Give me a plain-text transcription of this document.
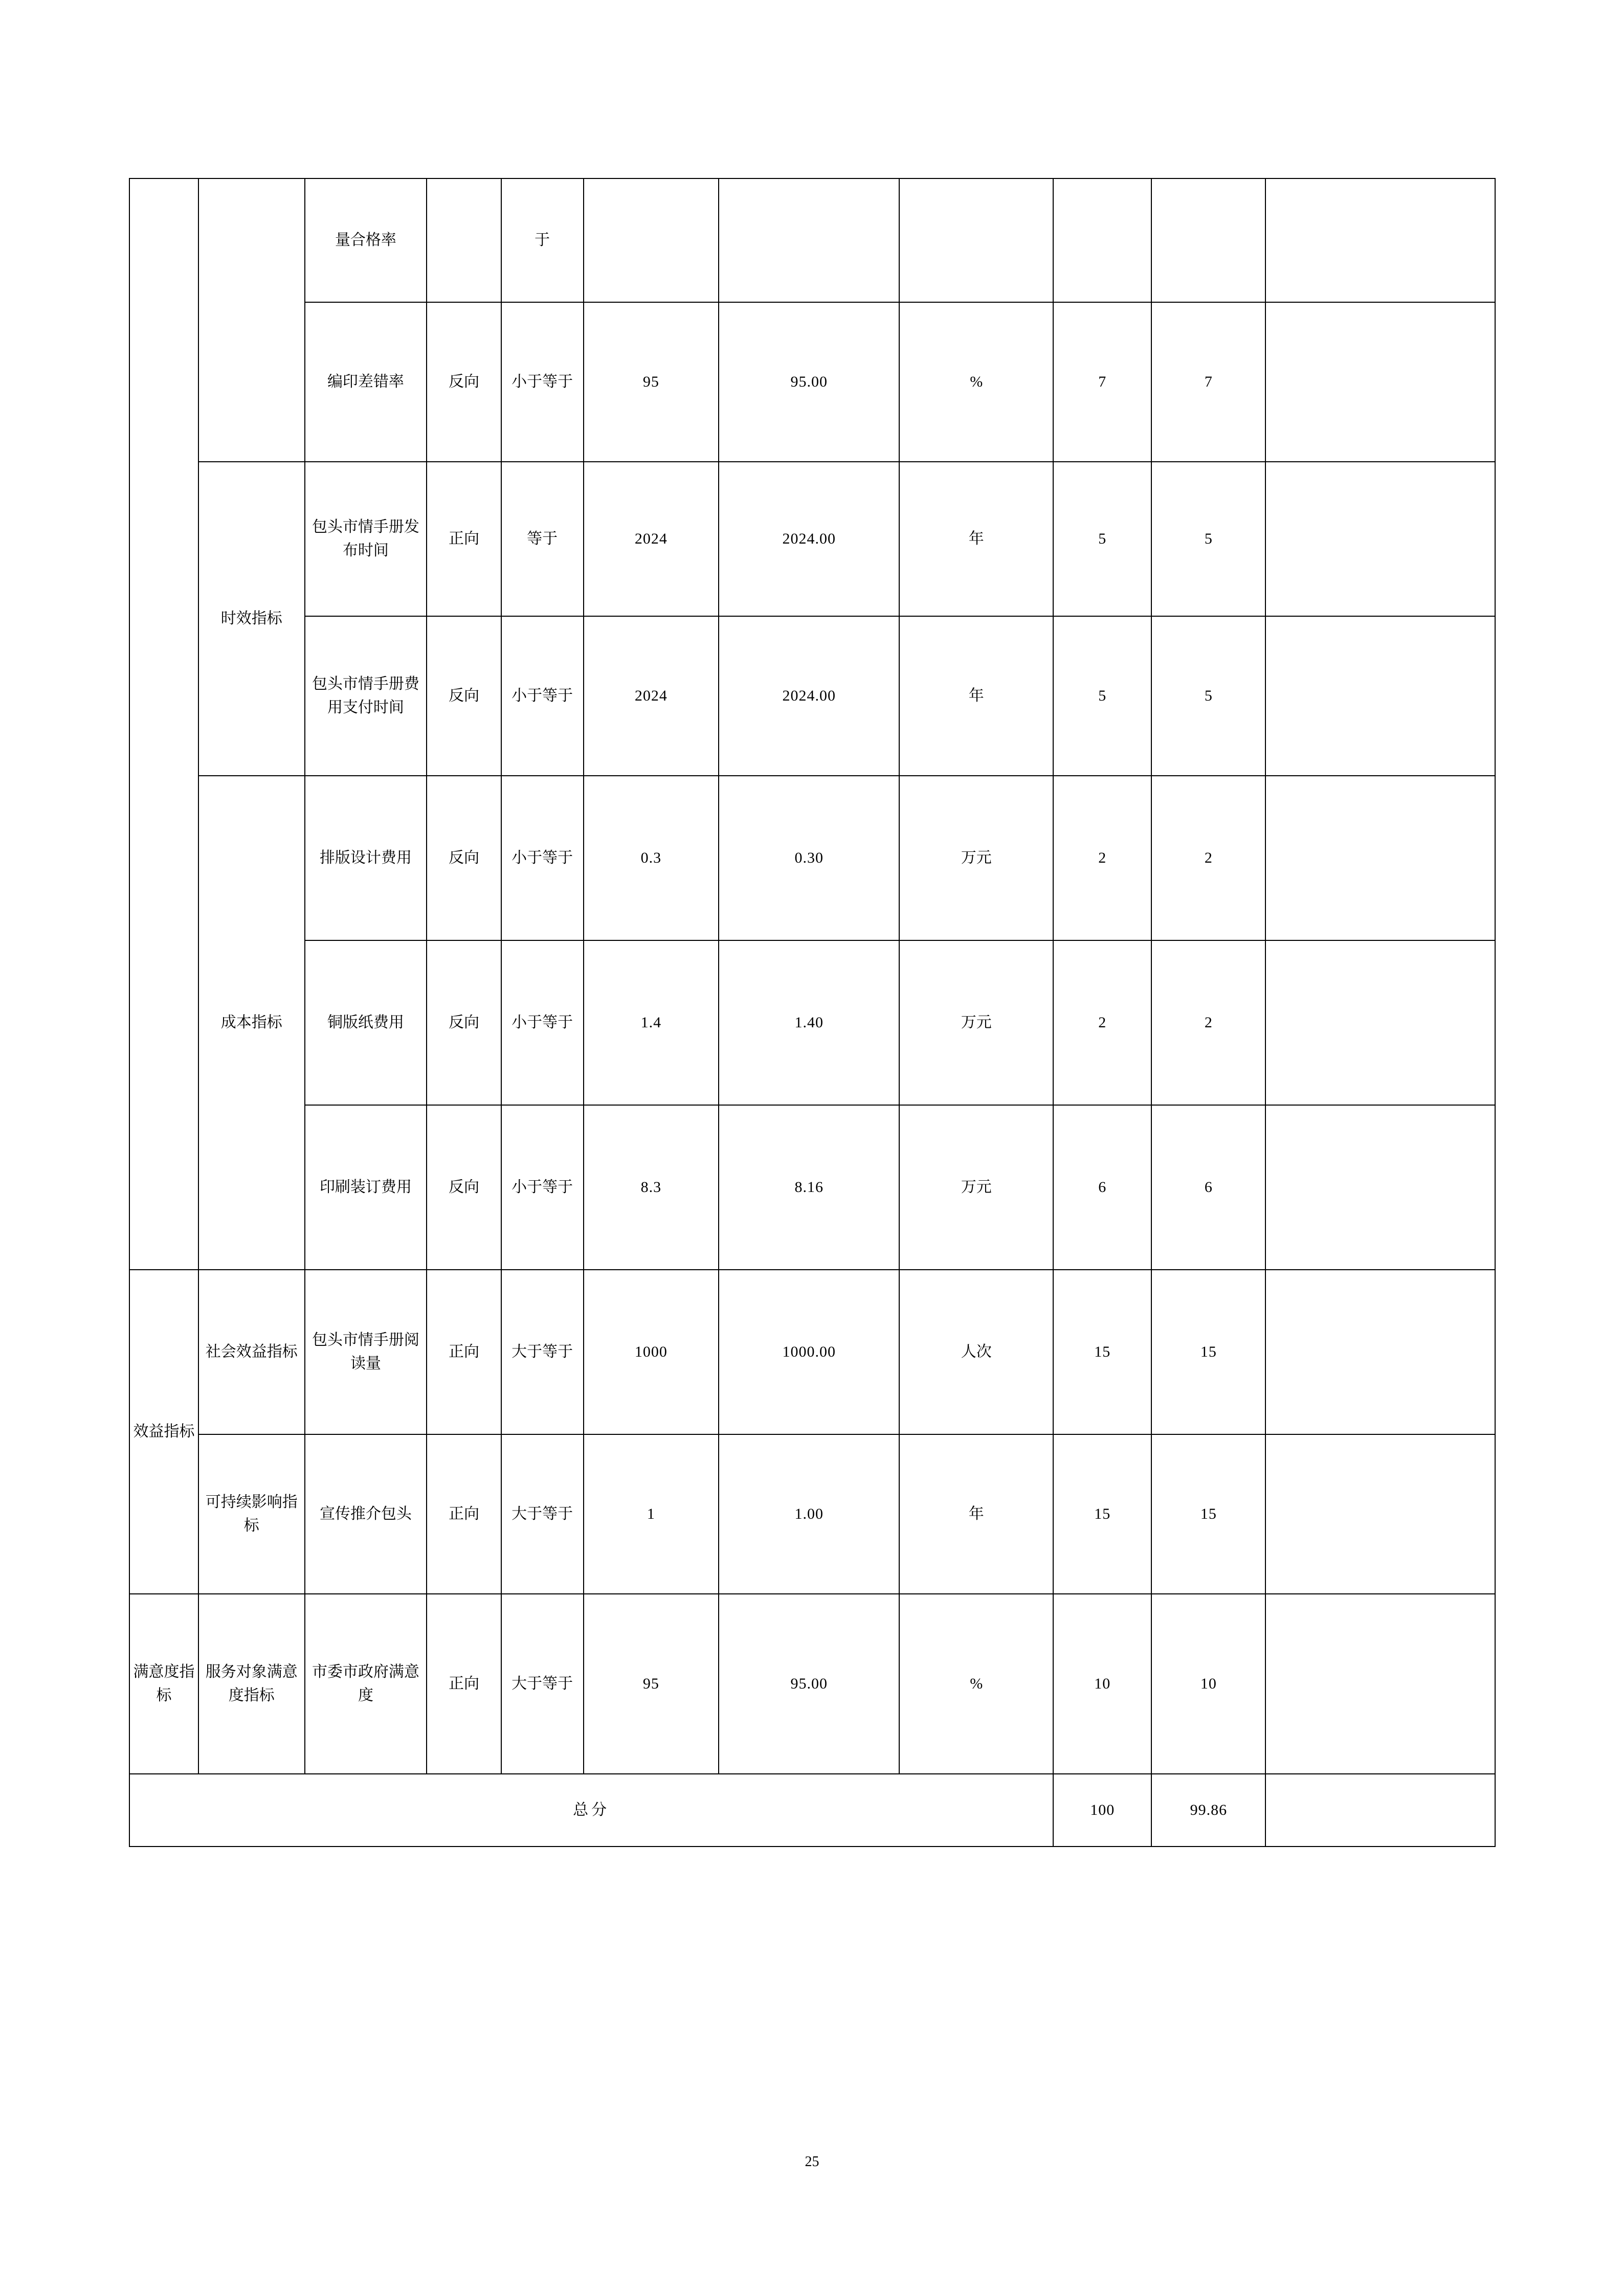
		量合格率		于						
		编印差错率	反向	小于等于	95	95.00	%	7	7	
	时效指标	包头市情手册发布时间	正向	等于	2024	2024.00	年	5	5	
		包头市情手册费用支付时间	反向	小于等于	2024	2024.00	年	5	5	
	成本指标	排版设计费用	反向	小于等于	0.3	0.30	万元	2	2	
		铜版纸费用	反向	小于等于	1.4	1.40	万元	2	2	
		印刷装订费用	反向	小于等于	8.3	8.16	万元	6	6	
效益指标	社会效益指标	包头市情手册阅读量	正向	大于等于	1000	1000.00	人次	15	15	
	可持续影响指标	宣传推介包头	正向	大于等于	1	1.00	年	15	15	
满意度指标	服务对象满意度指标	市委市政府满意度	正向	大于等于	95	95.00	%	10	10	
总分								100	99.86	
25
